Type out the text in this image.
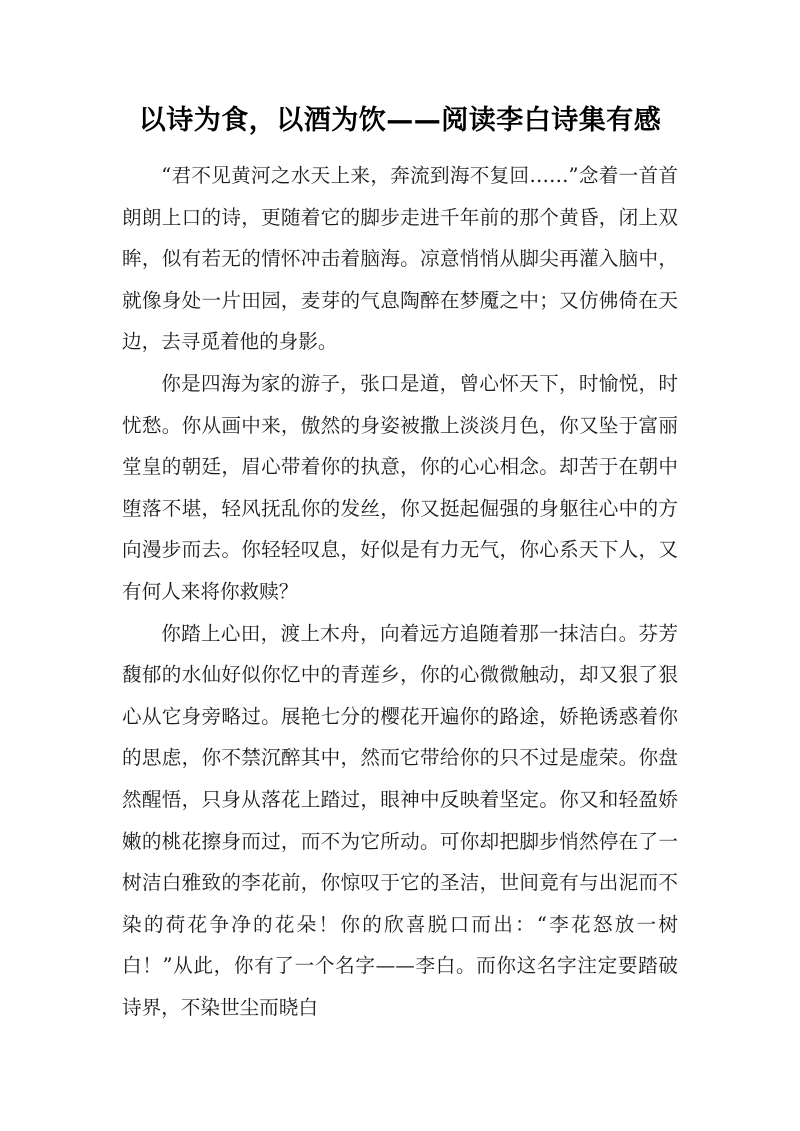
以诗为食，以酒为饮——阅读李白诗集有感

“君不见黄河之水天上来，奔流到海不复回……”念着一首首朗朗上口的诗，更随着它的脚步走进千年前的那个黄昏，闭上双眸，似有若无的情怀冲击着脑海。凉意悄悄从脚尖再灌入脑中，就像身处一片田园，麦芽的气息陶醉在梦魇之中；又仿佛倚在天边，去寻觅着他的身影。

你是四海为家的游子，张口是道，曾心怀天下，时愉悦，时忧愁。你从画中来，傲然的身姿被撒上淡淡月色，你又坠于富丽堂皇的朝廷，眉心带着你的执意，你的心心相念。却苦于在朝中堕落不堪，轻风抚乱你的发丝，你又挺起倔强的身躯往心中的方向漫步而去。你轻轻叹息，好似是有力无气，你心系天下人，又有何人来将你救赎？

你踏上心田，渡上木舟，向着远方追随着那一抹洁白。芬芳馥郁的水仙好似你忆中的青莲乡，你的心微微触动，却又狠了狠心从它身旁略过。展艳七分的樱花开遍你的路途，娇艳诱惑着你的思虑，你不禁沉醉其中，然而它带给你的只不过是虚荣。你盘然醒悟，只身从落花上踏过，眼神中反映着坚定。你又和轻盈娇嫩的桃花擦身而过，而不为它所动。可你却把脚步悄然停在了一树洁白雅致的李花前，你惊叹于它的圣洁，世间竟有与出泥而不染的荷花争净的花朵！你的欣喜脱口而出：“李花怒放一树白！”从此，你有了一个名字——李白。而你这名字注定要踏破诗界，不染世尘而晓白
